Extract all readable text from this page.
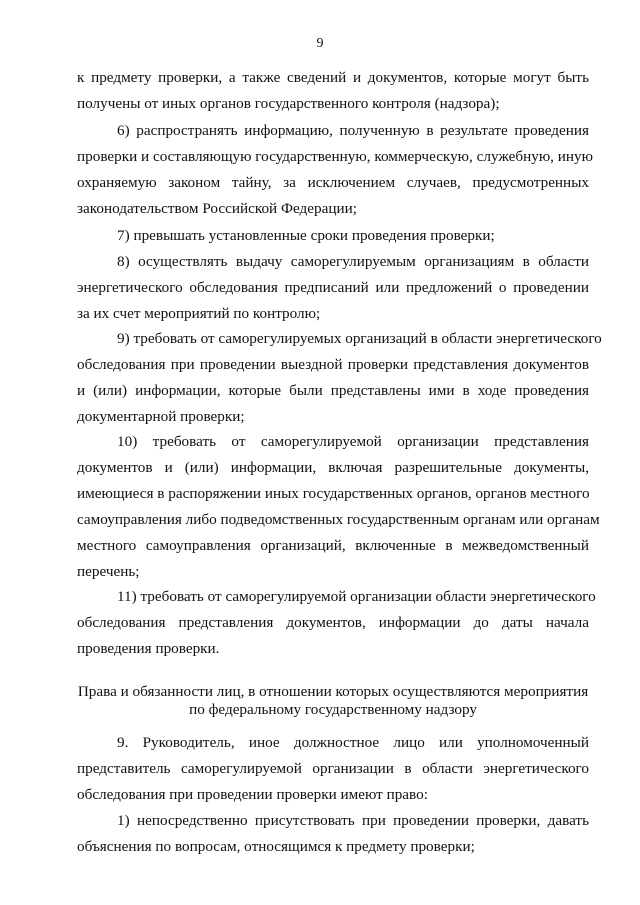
9
к предмету проверки, а также сведений и документов, которые могут быть
получены от иных органов государственного контроля (надзора);
6) распространять информацию, полученную в результате проведения
проверки и составляющую государственную, коммерческую, служебную, иную
охраняемую законом тайну, за исключением случаев, предусмотренных
законодательством Российской Федерации;
7) превышать установленные сроки проведения проверки;
8) осуществлять выдачу саморегулируемым организациям в области
энергетического обследования предписаний или предложений о проведении
за их счет мероприятий по контролю;
9) требовать от саморегулируемых организаций в области энергетического
обследования при проведении выездной проверки представления документов
и (или) информации, которые были представлены ими в ходе проведения
документарной проверки;
10) требовать от саморегулируемой организации представления
документов и (или) информации, включая разрешительные документы,
имеющиеся в распоряжении иных государственных органов, органов местного
самоуправления либо подведомственных государственным органам или органам
местного самоуправления организаций, включенные в межведомственный
перечень;
11) требовать от саморегулируемой организации области энергетического
обследования представления документов, информации до даты начала
проведения проверки.
Права и обязанности лиц, в отношении которых осуществляются мероприятия
по федеральному государственному надзору
9. Руководитель, иное должностное лицо или уполномоченный
представитель саморегулируемой организации в области энергетического
обследования при проведении проверки имеют право:
1) непосредственно присутствовать при проведении проверки, давать
объяснения по вопросам, относящимся к предмету проверки;
